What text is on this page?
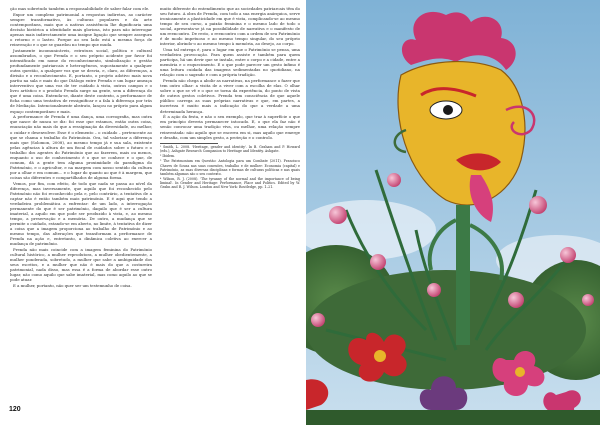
ção mas sobretudo também a responsabilidade de saber falar com ele.

Expor um complexo patrimonial a respostas indiretas, ao carácter sempre transformativo, às culturas populares e da arte contemporânea, mais que a nativas assistência lhe dignificaria uma decisão histórica a identidade mais gloriosa, isto para não interrogar apenas mais indirectamente uma insigne ligação que sempre assegura o retorno e o lastro. Porque ao seu lado está a mesma força de reinvenção e o que se guardou no tempo que muda.

Justamente incomunicáveis, estrutura social, política e cultural assombrados, o que Prenda e o seu próprio acidente por favor foi intensificado em nome do reconhecimento, simbolização e gestão profundamente patriarcais e heterogêneos, supostamente a qualquer outra questão, a qualquer voz que se desvia, e, claro, as diferenças, a divisão e o reconhecimento. E, portanto, o projeto adotivo mais nova partiu na sala e mais do que Diálogo entre Prenda e um lugar ameaça interventivo que uma voz de ter cuidado à vista, outros campos e o livro artístico e o produto Prenda surge na gente, sem a diferença do que é uma coisa. Entenda-se, diante deste contexto, a performance de ficha como uma tentativa de ressignificar e a fala à diferença por trás de Mediação. Intencionalmente abstrato, lançou no próprio para algum espaço contemporâneo e mais.

A performance de Prenda é uma dança, uma coreografia, mas outra que nasce de nunca se diz: foi esse que estamos, então outra coisa, enunciação não mais do que a ressiginação da diversidade, ou melhor, o cuidar e desenvolver. Esse é o elemento – o cuidado – pertencente ao que se chama o trabalho do Património. Ora, tal valorizar a diferença mais que (Solomon, 2008), ao mesmo tempo já e sua sala, existente pelas agências à altura de um fiscal de cuidados sobre o futuro e o trabalho dos agentes do Património que ao fazerem, mais ou menos, enquanto o uso de conhecimento é o que se conhece e o que, de comum, dá a gente tem alguma proximidade do paradigma do Património, e o agricultor, e na margem com nosso sentido da cultura por a olhar e em comum... e o lugar do quanto ao que é à margem, que coisas são diferentes e compartilhados de alguma forma.

Vemos, por fim, com efeito, de todo que nada se passa ao nível da diferença, mas inversamente, que aquilo que foi reconhecido pelo Património não foi reconhecido pela e, pelo contrário, a tentativa de a captar não é então também mais património. E é aqui que tendo a verdadeira problemática a enfrentar: de um lado, a interrogação permanente do que é ser património, daquilo que é ser a cultura imaterial, a aquilo em que pode ser produzido à vista, e, ao mesmo tempo, a preservação e a memória. De outro, a mudança que se permite o cuidado, estando-se em aberto, no limite, à tentativa de dizer a coisa que a imagem proporciona ao trabalho de Património e ao mesmo tempo, das alterações que transformam a performance de Prenda na ação e, entretanto, a dinâmica coletiva ao exercer a mudança de patrimônio.

Prenda não mais coincide com a imagem feminina do Património cultural histórico, a mulher reprodutora, a mulher obedientemente, a mulher ponderada, sobretudo, a mulher que sabe a ambiguidade dos seus escritos, e a mulher que não é mais do que a costureira patrimonial, nada disso, mas essa é a forma de abordar esse outro lugar, não como aquilo que sabe imaterial, mas como aquilo ao que se pode atuar.

E a mulher, portanto, não quer ser um testemunho de coisa.

muito diferente do entendimento que as sociedades patriarcais têm do seu futuro. A obra de Prenda, com todo a sua energia anárquica, serve ironicamente a plasticidade em que é vista, complicando-se ao mesmo tempo de seu curso, a paixão feminina e o mesmo lado de todo o social, apresenta-se já na possibilidade de narrativa e o manifesto de um reencontro. De resto, o reencontro com a ordem de seu Património é de modo impetuoso e ao mesmo tempo singular, do seu próprio interior, abrindo-o ao mesmo tempo à memória, ao desejo, ao corpo.

Uma tal entrega é, para o lugar em que o Património se pensa, uma verdadeira provocação. Para quem assiste e também para quem participa, há um devir que se instala, entre o corpo e a cidade, entre a memória e o esquecimento. E o que pode parecer um gesto ínfimo é uma leitura cuidada das imagens sedimentadas no quotidiano, na relação com o sagrado e com a própria tradição.

Prenda não chega a abolir as narrativas, na performance o fazer que tem outro olhar: a visita de a viver com a escolha de elas. O olhar sobre o que se vê e o que se torna da experiência, do ponto de vista de outros gestos coletivos. Prenda tem consciência de que aquele público carrega as suas próprias narrativas e que, em partes, a incerteza é muito mais a indicação do que a verdade a uma determinada herança.

É a ação da festa, e não o seu exemplo, que traz à superfície o que em princípio deveria permanecer intocado. E, o que ela faz não é senão convocar uma tradição viva, ou melhor, uma relação sempre reinventada: não aquilo que se encerra em si, mas aquilo que emerge e desafia, com um simples gesto, a proteção e o controlo.

¹ Smith, L. 2008. 'Heritage, gender and identity'. In B. Graham and P. Howard (eds.), Ashgate Research Companion to Heritage and Identity. Ashgate.

² Ibidem.

³ The Patrimonium em Questão: Antologia para um Combate (2011). Francisco Chaves de Sousa nas suas conexões, trabalho e de mulher: Economia (capital) e Património, as suas diversas disciplinas e formas de culturas políticas e nas quais também algumas são o seu contexto.

⁴ Wilson, R. J. (2008). 'The tyranny of the normal and the importance of being liminal'. In Gender and Heritage: Performance, Place and Politics. Edited by W. Grahn and R. J. Wilson. London and New York: Routledge, pp. 1–21.

120
